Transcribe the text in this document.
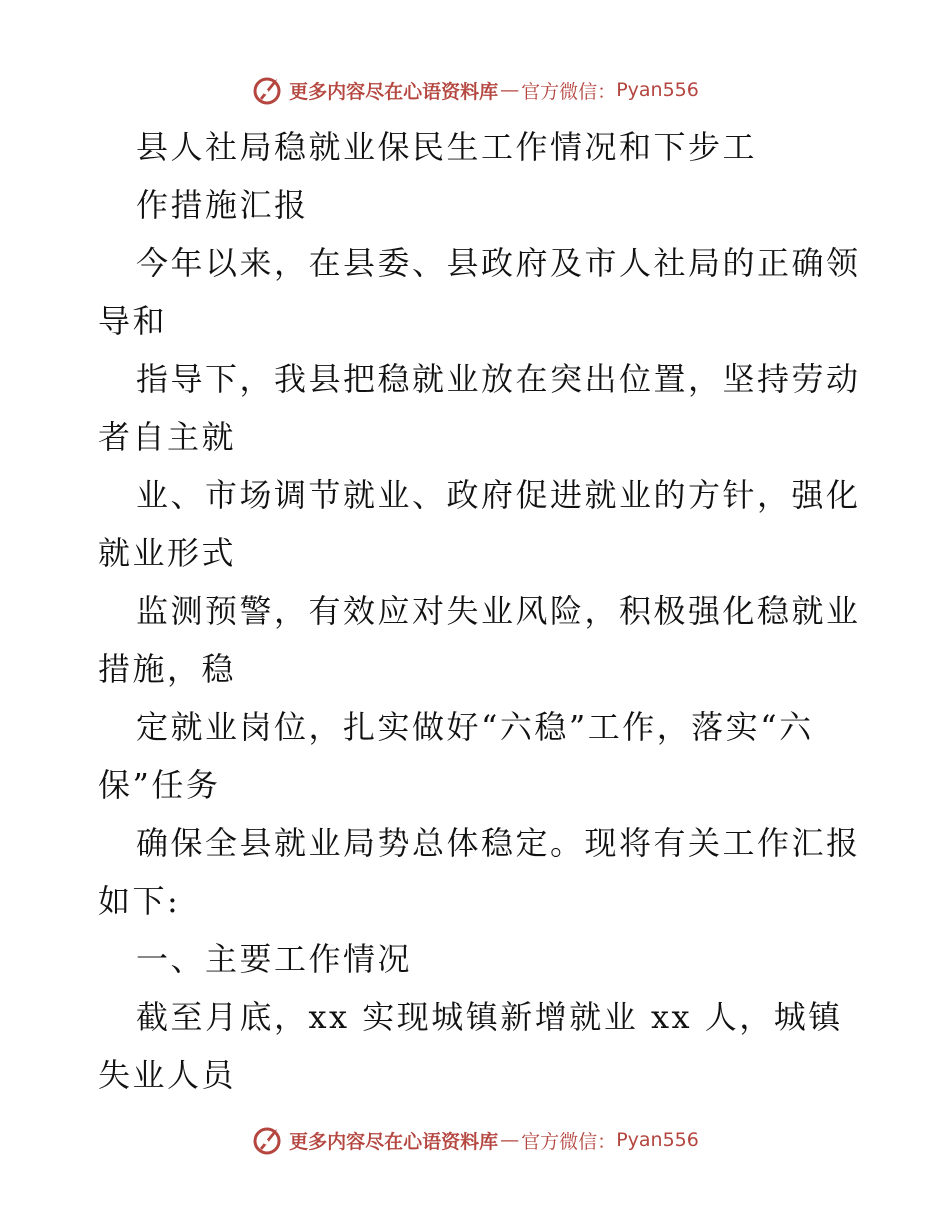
更多内容尽在心语资料库 — 官方微信： Pyan556
县人社局稳就业保民生工作情况和下步工
作措施汇报
今年以来，在县委、县政府及市人社局的正确领
导和
指导下，我县把稳就业放在突出位置，坚持劳动
者自主就
业、市场调节就业、政府促进就业的方针，强化
就业形式
监测预警，有效应对失业风险，积极强化稳就业
措施，稳
定就业岗位，扎实做好“六稳”工作，落实“六
保”任务
确保全县就业局势总体稳定。现将有关工作汇报
如下:
一、主要工作情况
截至月底，xx 实现城镇新增就业 xx 人，城镇
失业人员
更多内容尽在心语资料库 — 官方微信： Pyan556
